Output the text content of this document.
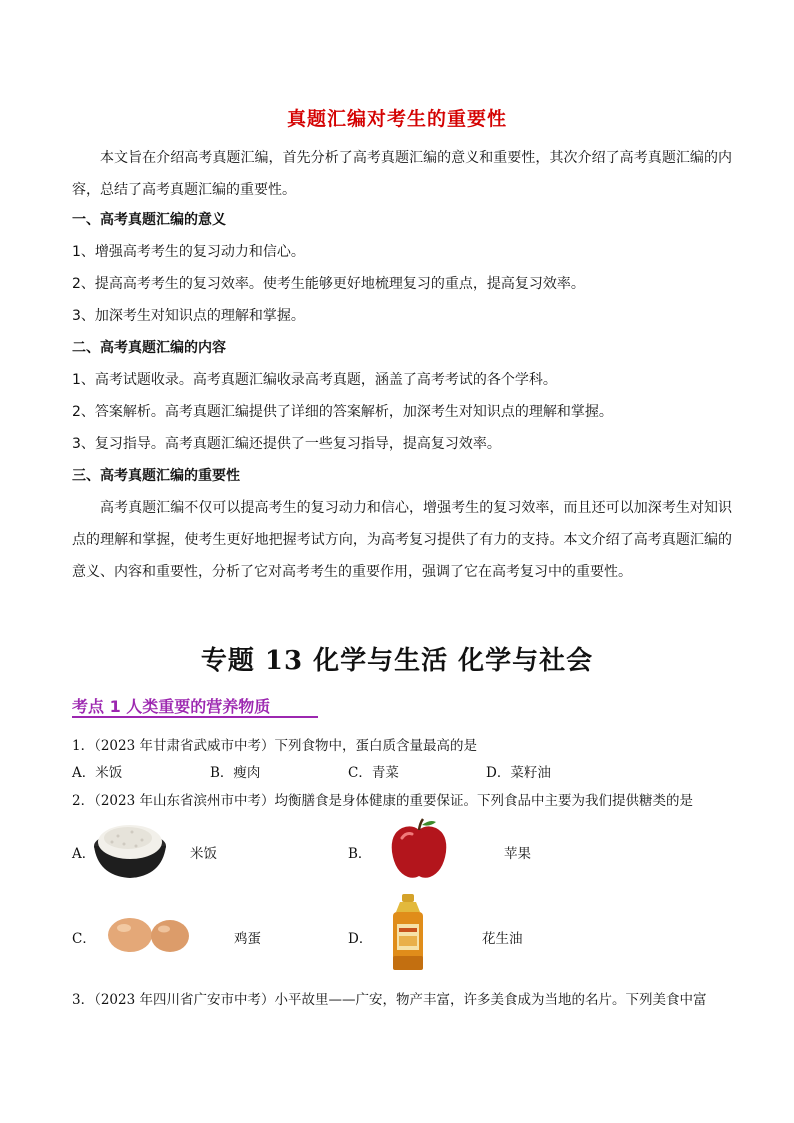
真题汇编对考生的重要性
本文旨在介绍高考真题汇编，首先分析了高考真题汇编的意义和重要性，其次介绍了高考真题汇编的内容，总结了高考真题汇编的重要性。
一、高考真题汇编的意义
1、增强高考考生的复习动力和信心。
2、提高高考考生的复习效率。使考生能够更好地梳理复习的重点，提高复习效率。
3、加深考生对知识点的理解和掌握。
二、高考真题汇编的内容
1、高考试题收录。高考真题汇编收录高考真题，涵盖了高考考试的各个学科。
2、答案解析。高考真题汇编提供了详细的答案解析，加深考生对知识点的理解和掌握。
3、复习指导。高考真题汇编还提供了一些复习指导，提高复习效率。
三、高考真题汇编的重要性
高考真题汇编不仅可以提高考生的复习动力和信心，增强考生的复习效率，而且还可以加深考生对知识点的理解和掌握，使考生更好地把握考试方向，为高考复习提供了有力的支持。本文介绍了高考真题汇编的意义、内容和重要性，分析了它对高考考生的重要作用，强调了它在高考复习中的重要性。
专题 13 化学与生活 化学与社会
考点 1 人类重要的营养物质
1．（2023 年甘肃省武威市中考）下列食物中，蛋白质含量最高的是
A．米饭	B．瘦肉	C．青菜	D．菜籽油
2．（2023 年山东省滨州市中考）均衡膳食是身体健康的重要保证。下列食品中主要为我们提供糖类的是
A．	米饭	B．	苹果
C．	鸡蛋	D．	花生油
3．（2023 年四川省广安市中考）小平故里——广安，物产丰富，许多美食成为当地的名片。下列美食中富
